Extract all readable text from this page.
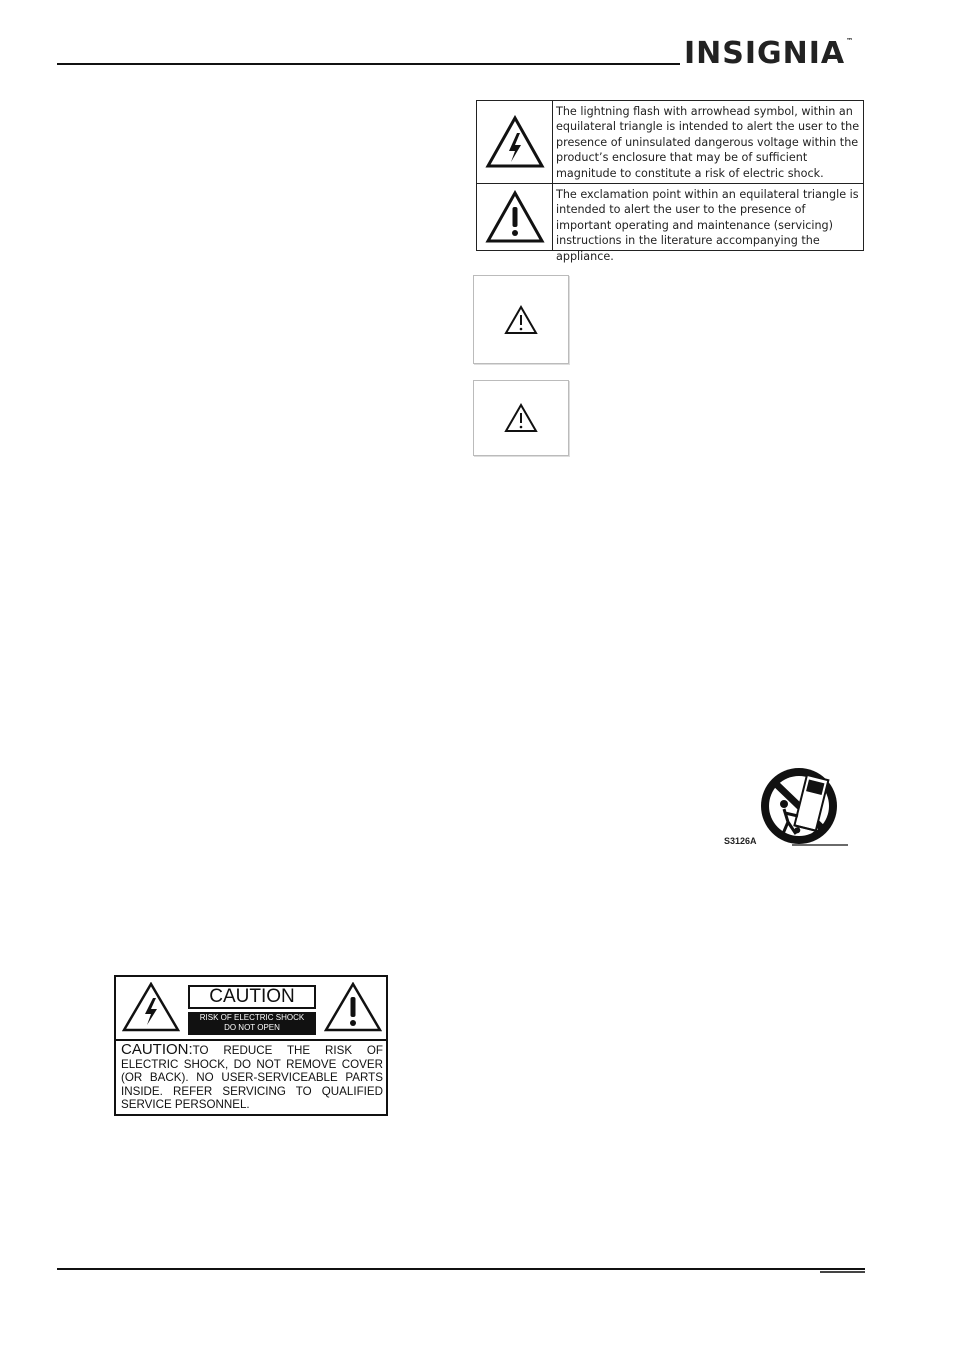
INSIGNIA™
The lightning flash with arrowhead symbol, within an equilateral triangle is intended to alert the user to the presence of uninsulated dangerous voltage within the product’s enclosure that may be of sufficient magnitude to constitute a risk of electric shock.
The exclamation point within an equilateral triangle is intended to alert the user to the presence of important operating and maintenance (servicing) instructions in the literature accompanying the appliance.
S3126A
CAUTION
RISK OF ELECTRIC SHOCK
DO NOT OPEN
CAUTION:TO REDUCE THE RISK OF ELECTRIC SHOCK, DO NOT REMOVE COVER (OR BACK). NO USER-SERVICEABLE PARTS INSIDE. REFER SERVICING TO QUALIFIED SERVICE PERSONNEL.
